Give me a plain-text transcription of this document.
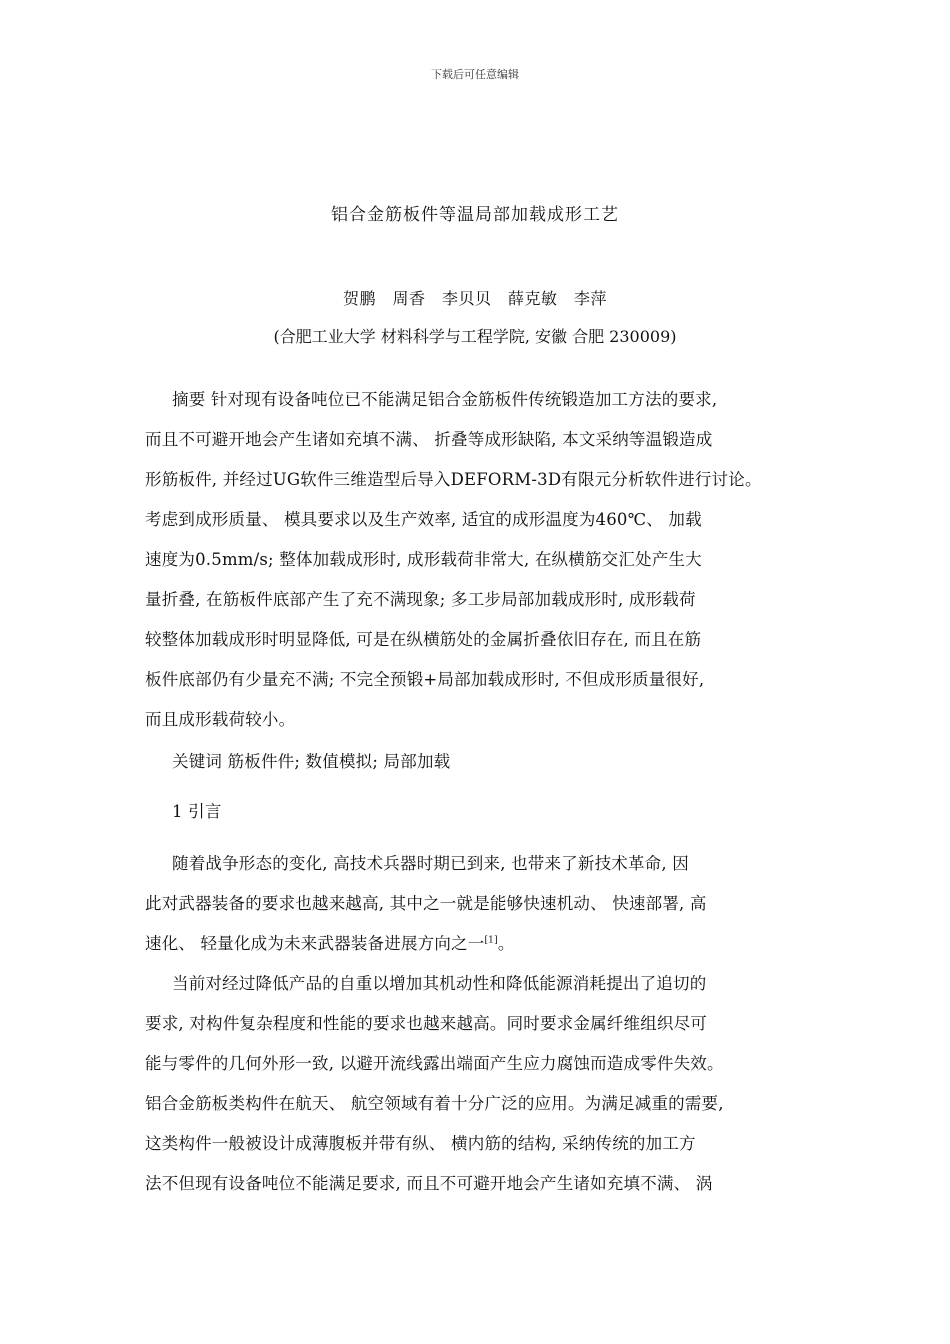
下载后可任意编辑
铝合金筋板件等温局部加载成形工艺
贺鹏　周香　李贝贝　薛克敏　李萍
(合肥工业大学 材料科学与工程学院, 安徽 合肥 230009)
摘要 针对现有设备吨位已不能满足铝合金筋板件传统锻造加工方法的要求,
而且不可避开地会产生诸如充填不满、 折叠等成形缺陷, 本文采纳等温锻造成
形筋板件, 并经过UG软件三维造型后导入DEFORM-3D有限元分析软件进行讨论。
考虑到成形质量、 模具要求以及生产效率, 适宜的成形温度为460℃、 加载
速度为0.5mm/s; 整体加载成形时, 成形载荷非常大, 在纵横筋交汇处产生大
量折叠, 在筋板件底部产生了充不满现象; 多工步局部加载成形时, 成形载荷
较整体加载成形时明显降低, 可是在纵横筋处的金属折叠依旧存在, 而且在筋
板件底部仍有少量充不满; 不完全预锻+局部加载成形时, 不但成形质量很好,
而且成形载荷较小。
关键词 筋板件件; 数值模拟; 局部加载
1 引言
随着战争形态的变化, 高技术兵器时期已到来, 也带来了新技术革命, 因
此对武器装备的要求也越来越高, 其中之一就是能够快速机动、 快速部署, 高
速化、 轻量化成为未来武器装备进展方向之一[1]。
当前对经过降低产品的自重以增加其机动性和降低能源消耗提出了追切的
要求, 对构件复杂程度和性能的要求也越来越高。同时要求金属纤维组织尽可
能与零件的几何外形一致, 以避开流线露出端面产生应力腐蚀而造成零件失效。
铝合金筋板类构件在航天、 航空领域有着十分广泛的应用。为满足减重的需要,
这类构件一般被设计成薄腹板并带有纵、 横内筋的结构, 采纳传统的加工方
法不但现有设备吨位不能满足要求, 而且不可避开地会产生诸如充填不满、 涡
